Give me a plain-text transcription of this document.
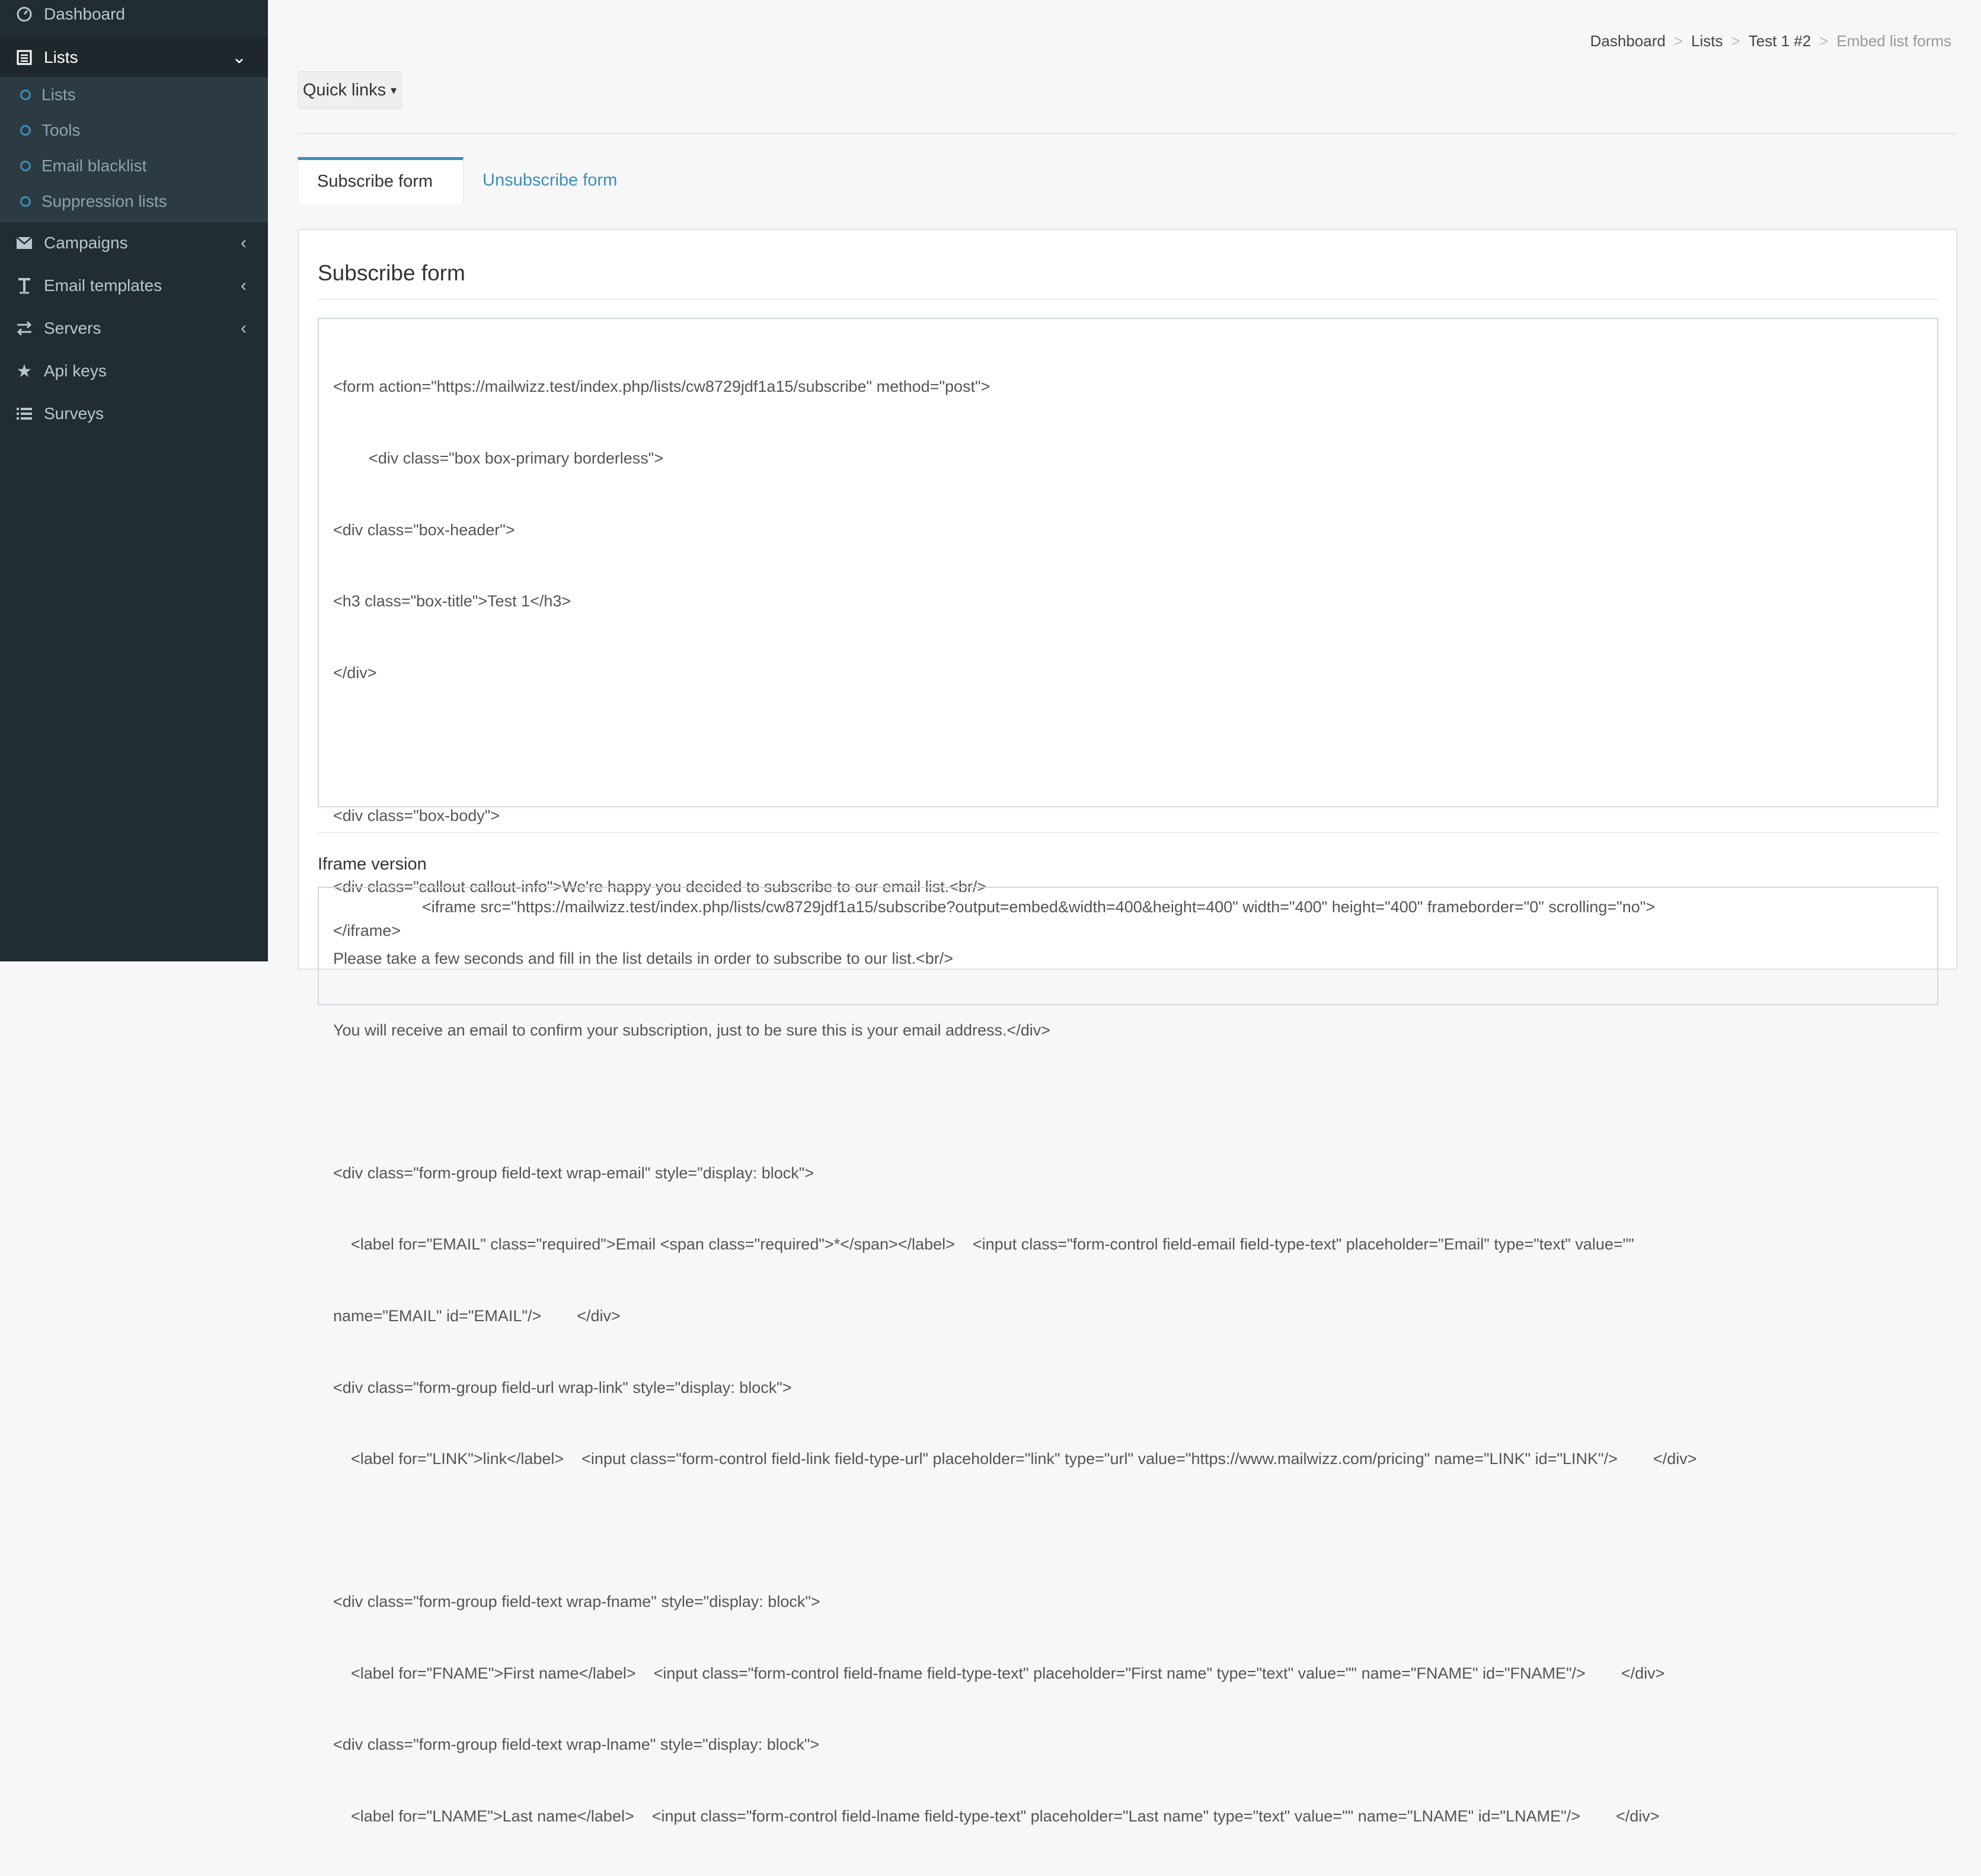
Dashboard
Lists	⌄
Lists
Tools
Email blacklist
Suppression lists
Campaigns	‹
Email templates	‹
Servers	‹
★ Api keys
Surveys
Dashboard > Lists > Test 1 #2 > Embed list forms
Quick links ▾
Subscribe form	Unsubscribe form
Subscribe form

<form action="https://mailwizz.test/index.php/lists/cw8729jdf1a15/subscribe" method="post">

<div class="box box-primary borderless">

<div class="box-header">

<h3 class="box-title">Test 1</h3>

</div>

<div class="box-body">

<div class="callout callout-info">We're happy you decided to subscribe to our email list.<br/>

Please take a few seconds and fill in the list details in order to subscribe to our list.<br/>

You will receive an email to confirm your subscription, just to be sure this is your email address.</div>

<div class="form-group field-text wrap-email" style="display: block">

<label for="EMAIL" class="required">Email <span class="required">*</span></label>    <input class="form-control field-email field-type-text" placeholder="Email" type="text" value=""

name="EMAIL" id="EMAIL"/>        </div>

<div class="form-group field-url wrap-link" style="display: block">

<label for="LINK">link</label>    <input class="form-control field-link field-type-url" placeholder="link" type="url" value="https://www.mailwizz.com/pricing" name="LINK" id="LINK"/>        </div>

<div class="form-group field-text wrap-fname" style="display: block">

<label for="FNAME">First name</label>    <input class="form-control field-fname field-type-text" placeholder="First name" type="text" value="" name="FNAME" id="FNAME"/>        </div>

<div class="form-group field-text wrap-lname" style="display: block">

<label for="LNAME">Last name</label>    <input class="form-control field-lname field-type-text" placeholder="Last name" type="text" value="" name="LNAME" id="LNAME"/>        </div>

Iframe version
<iframe src="https://mailwizz.test/index.php/lists/cw8729jdf1a15/subscribe?output=embed&width=400&height=400" width="400" height="400" frameborder="0" scrolling="no">
</iframe>
